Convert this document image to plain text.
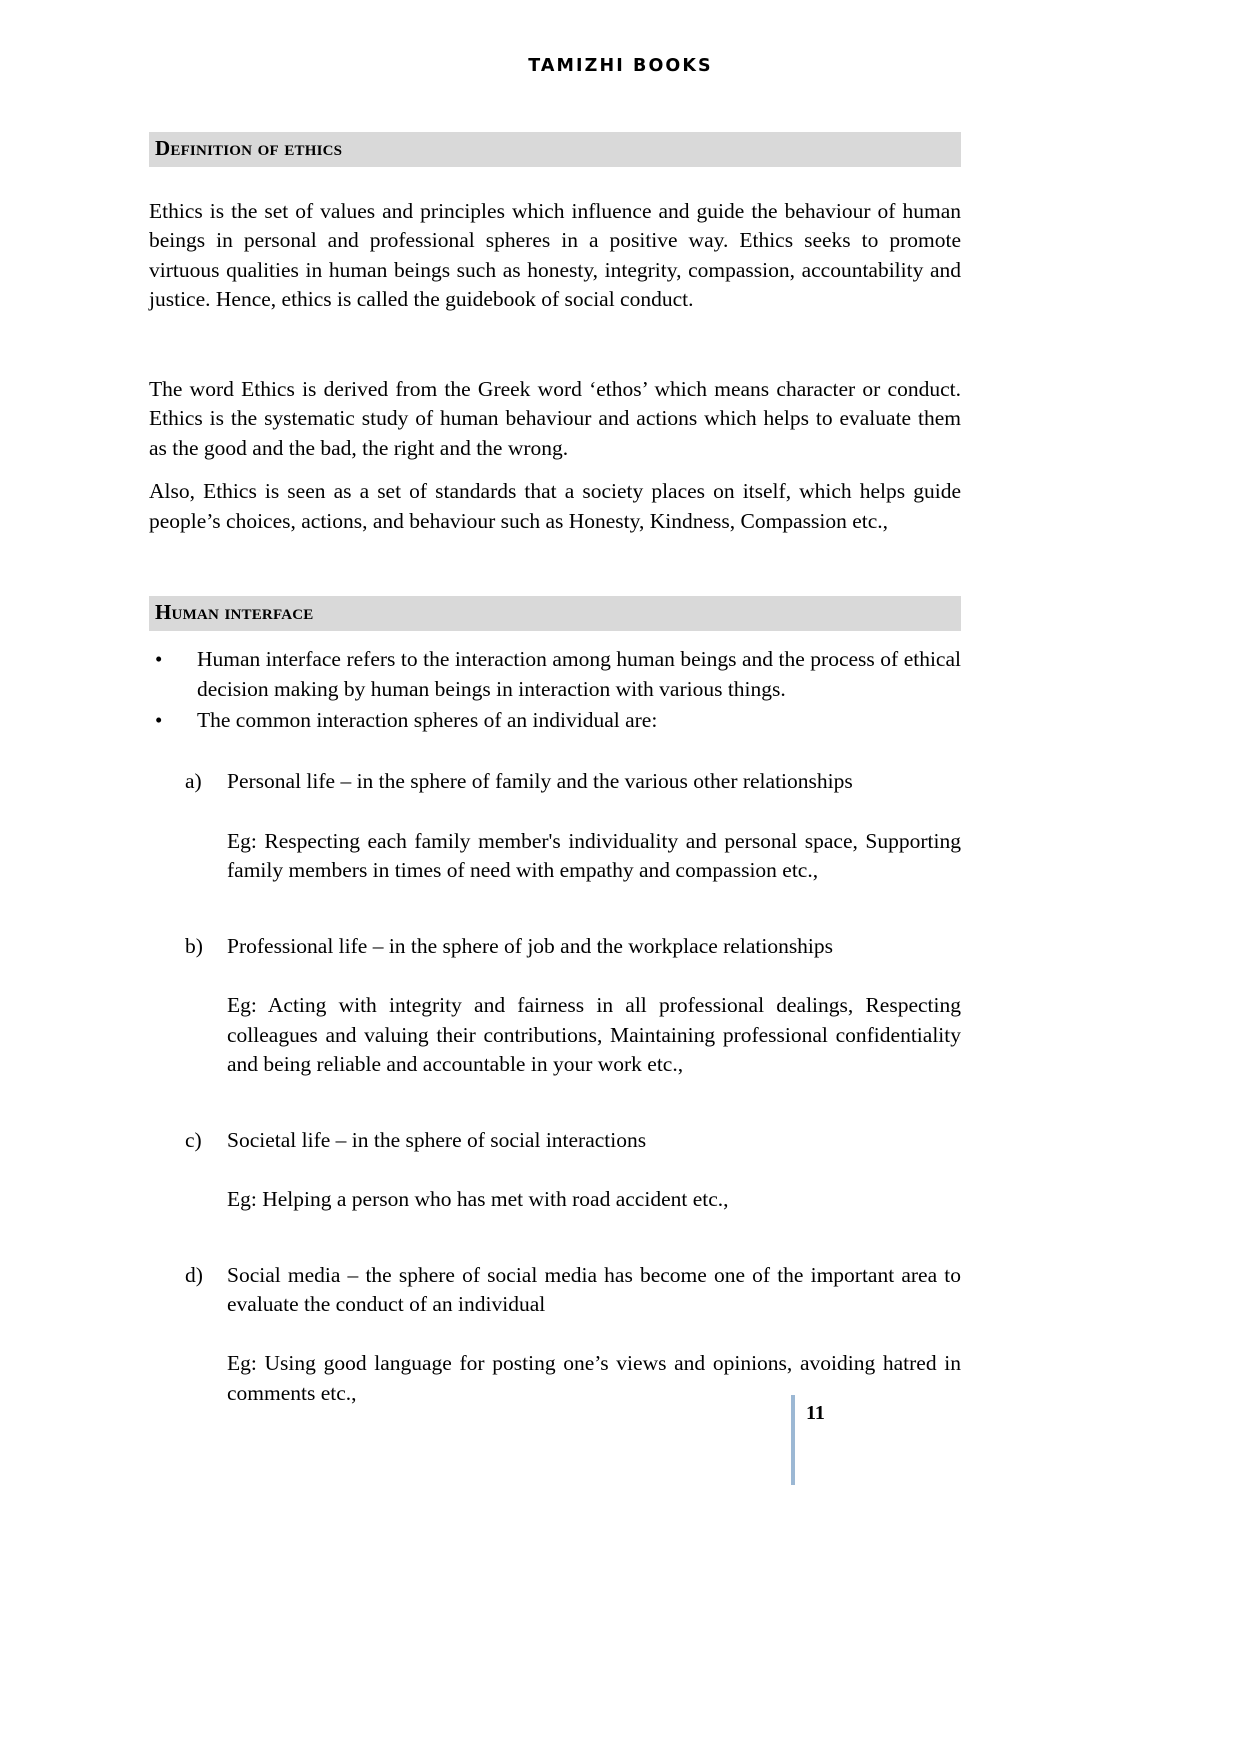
TAMIZHI BOOKS
Definition of ethics

Ethics is the set of values and principles which influence and guide the behaviour of human beings in personal and professional spheres in a positive way. Ethics seeks to promote virtuous qualities in human beings such as honesty, integrity, compassion, accountability and justice. Hence, ethics is called the guidebook of social conduct.

The word Ethics is derived from the Greek word ‘ethos’ which means character or conduct. Ethics is the systematic study of human behaviour and actions which helps to evaluate them as the good and the bad, the right and the wrong.

Also, Ethics is seen as a set of standards that a society places on itself, which helps guide people’s choices, actions, and behaviour such as Honesty, Kindness, Compassion etc.,

Human interface
• Human interface refers to the interaction among human beings and the process of ethical decision making by human beings in interaction with various things.
• The common interaction spheres of an individual are:
a) Personal life – in the sphere of family and the various other relationships

Eg: Respecting each family member's individuality and personal space, Supporting family members in times of need with empathy and compassion etc.,

b) Professional life – in the sphere of job and the workplace relationships

Eg: Acting with integrity and fairness in all professional dealings, Respecting colleagues and valuing their contributions, Maintaining professional confidentiality and being reliable and accountable in your work etc.,

c) Societal life – in the sphere of social interactions

Eg: Helping a person who has met with road accident etc.,

d) Social media – the sphere of social media has become one of the important area to evaluate the conduct of an individual

Eg: Using good language for posting one’s views and opinions, avoiding hatred in comments etc.,

11
